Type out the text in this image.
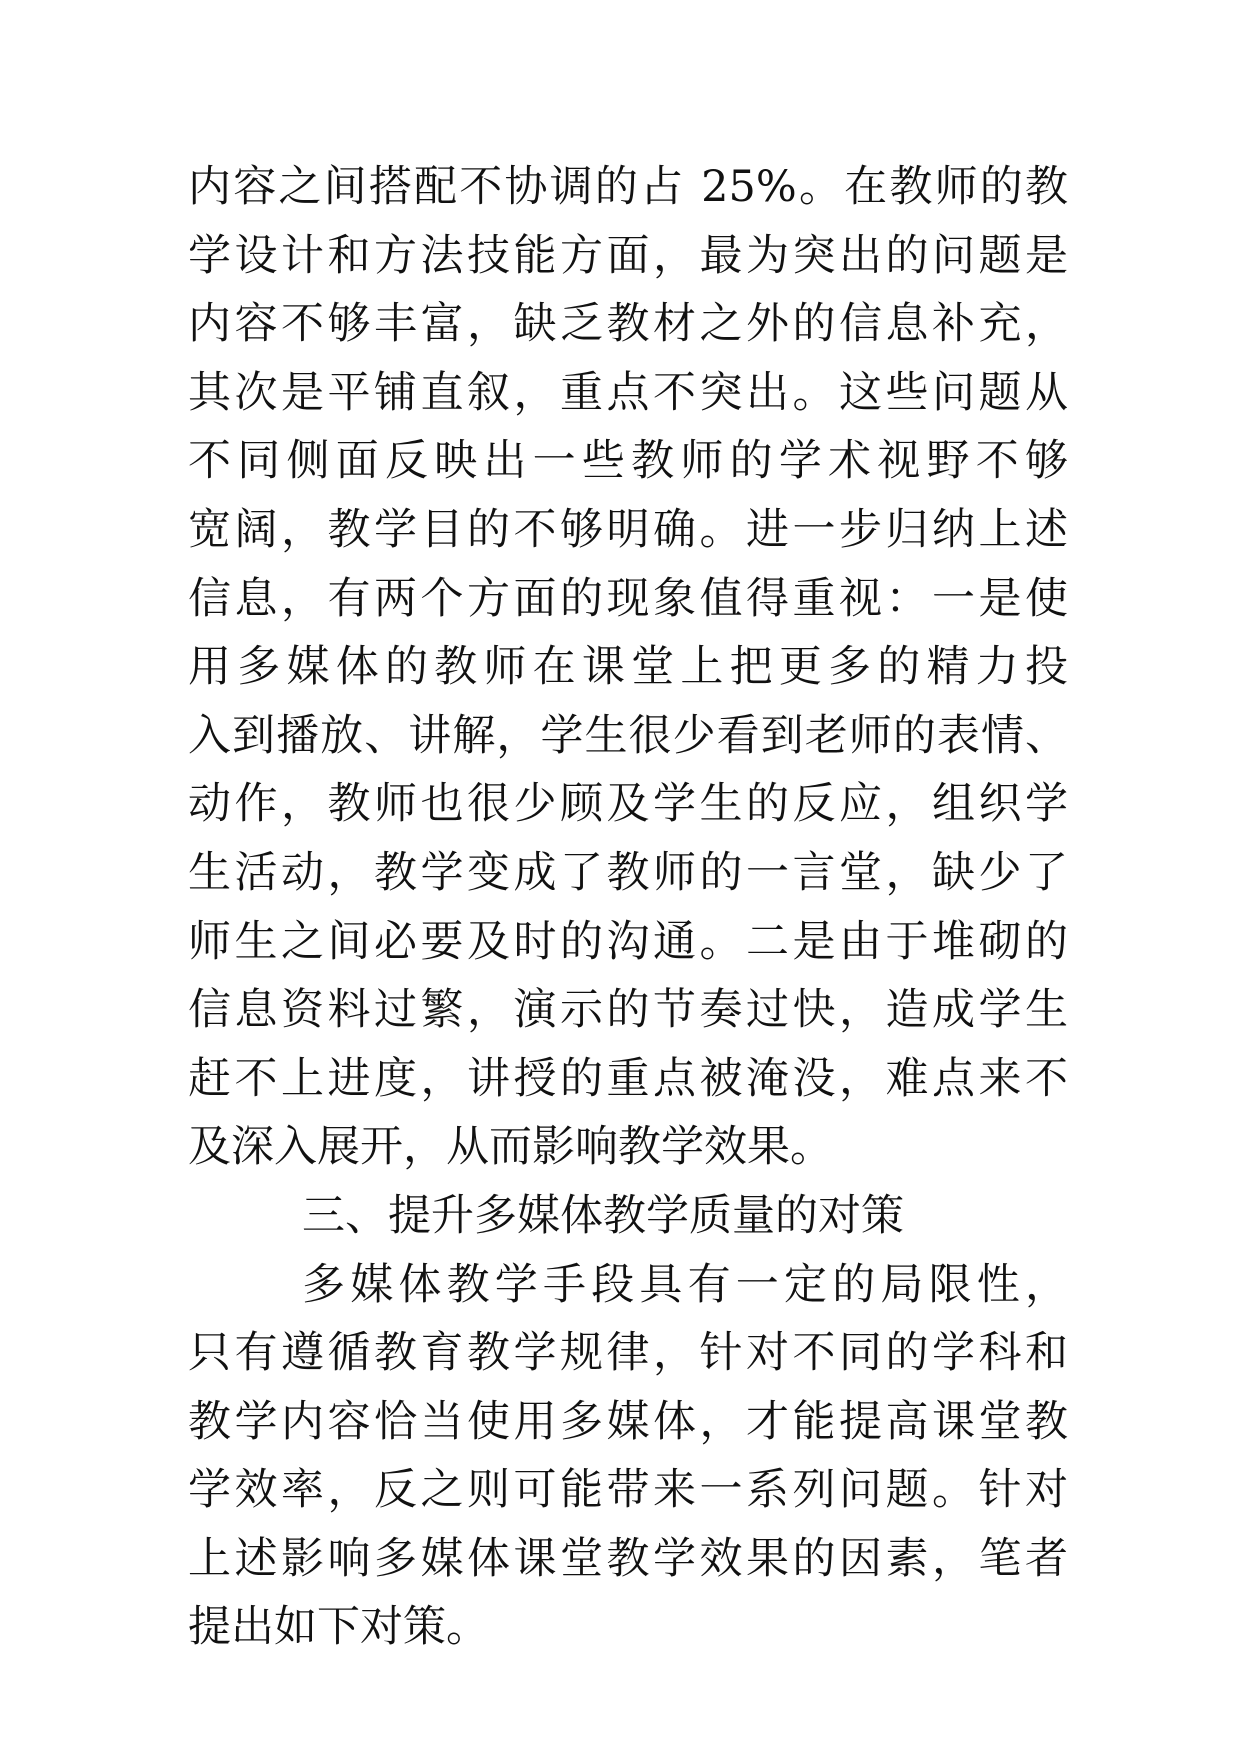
内容之间搭配不协调的占 25%。在教师的教
学设计和方法技能方面，最为突出的问题是
内容不够丰富，缺乏教材之外的信息补充，
其次是平铺直叙，重点不突出。这些问题从
不同侧面反映出一些教师的学术视野不够
宽阔，教学目的不够明确。进一步归纳上述
信息，有两个方面的现象值得重视：一是使
用多媒体的教师在课堂上把更多的精力投
入到播放、讲解，学生很少看到老师的表情、
动作，教师也很少顾及学生的反应，组织学
生活动，教学变成了教师的一言堂，缺少了
师生之间必要及时的沟通。二是由于堆砌的
信息资料过繁，演示的节奏过快，造成学生
赶不上进度，讲授的重点被淹没，难点来不
及深入展开，从而影响教学效果。
三、提升多媒体教学质量的对策
多媒体教学手段具有一定的局限性，
只有遵循教育教学规律，针对不同的学科和
教学内容恰当使用多媒体，才能提高课堂教
学效率，反之则可能带来一系列问题。针对
上述影响多媒体课堂教学效果的因素，笔者
提出如下对策。
